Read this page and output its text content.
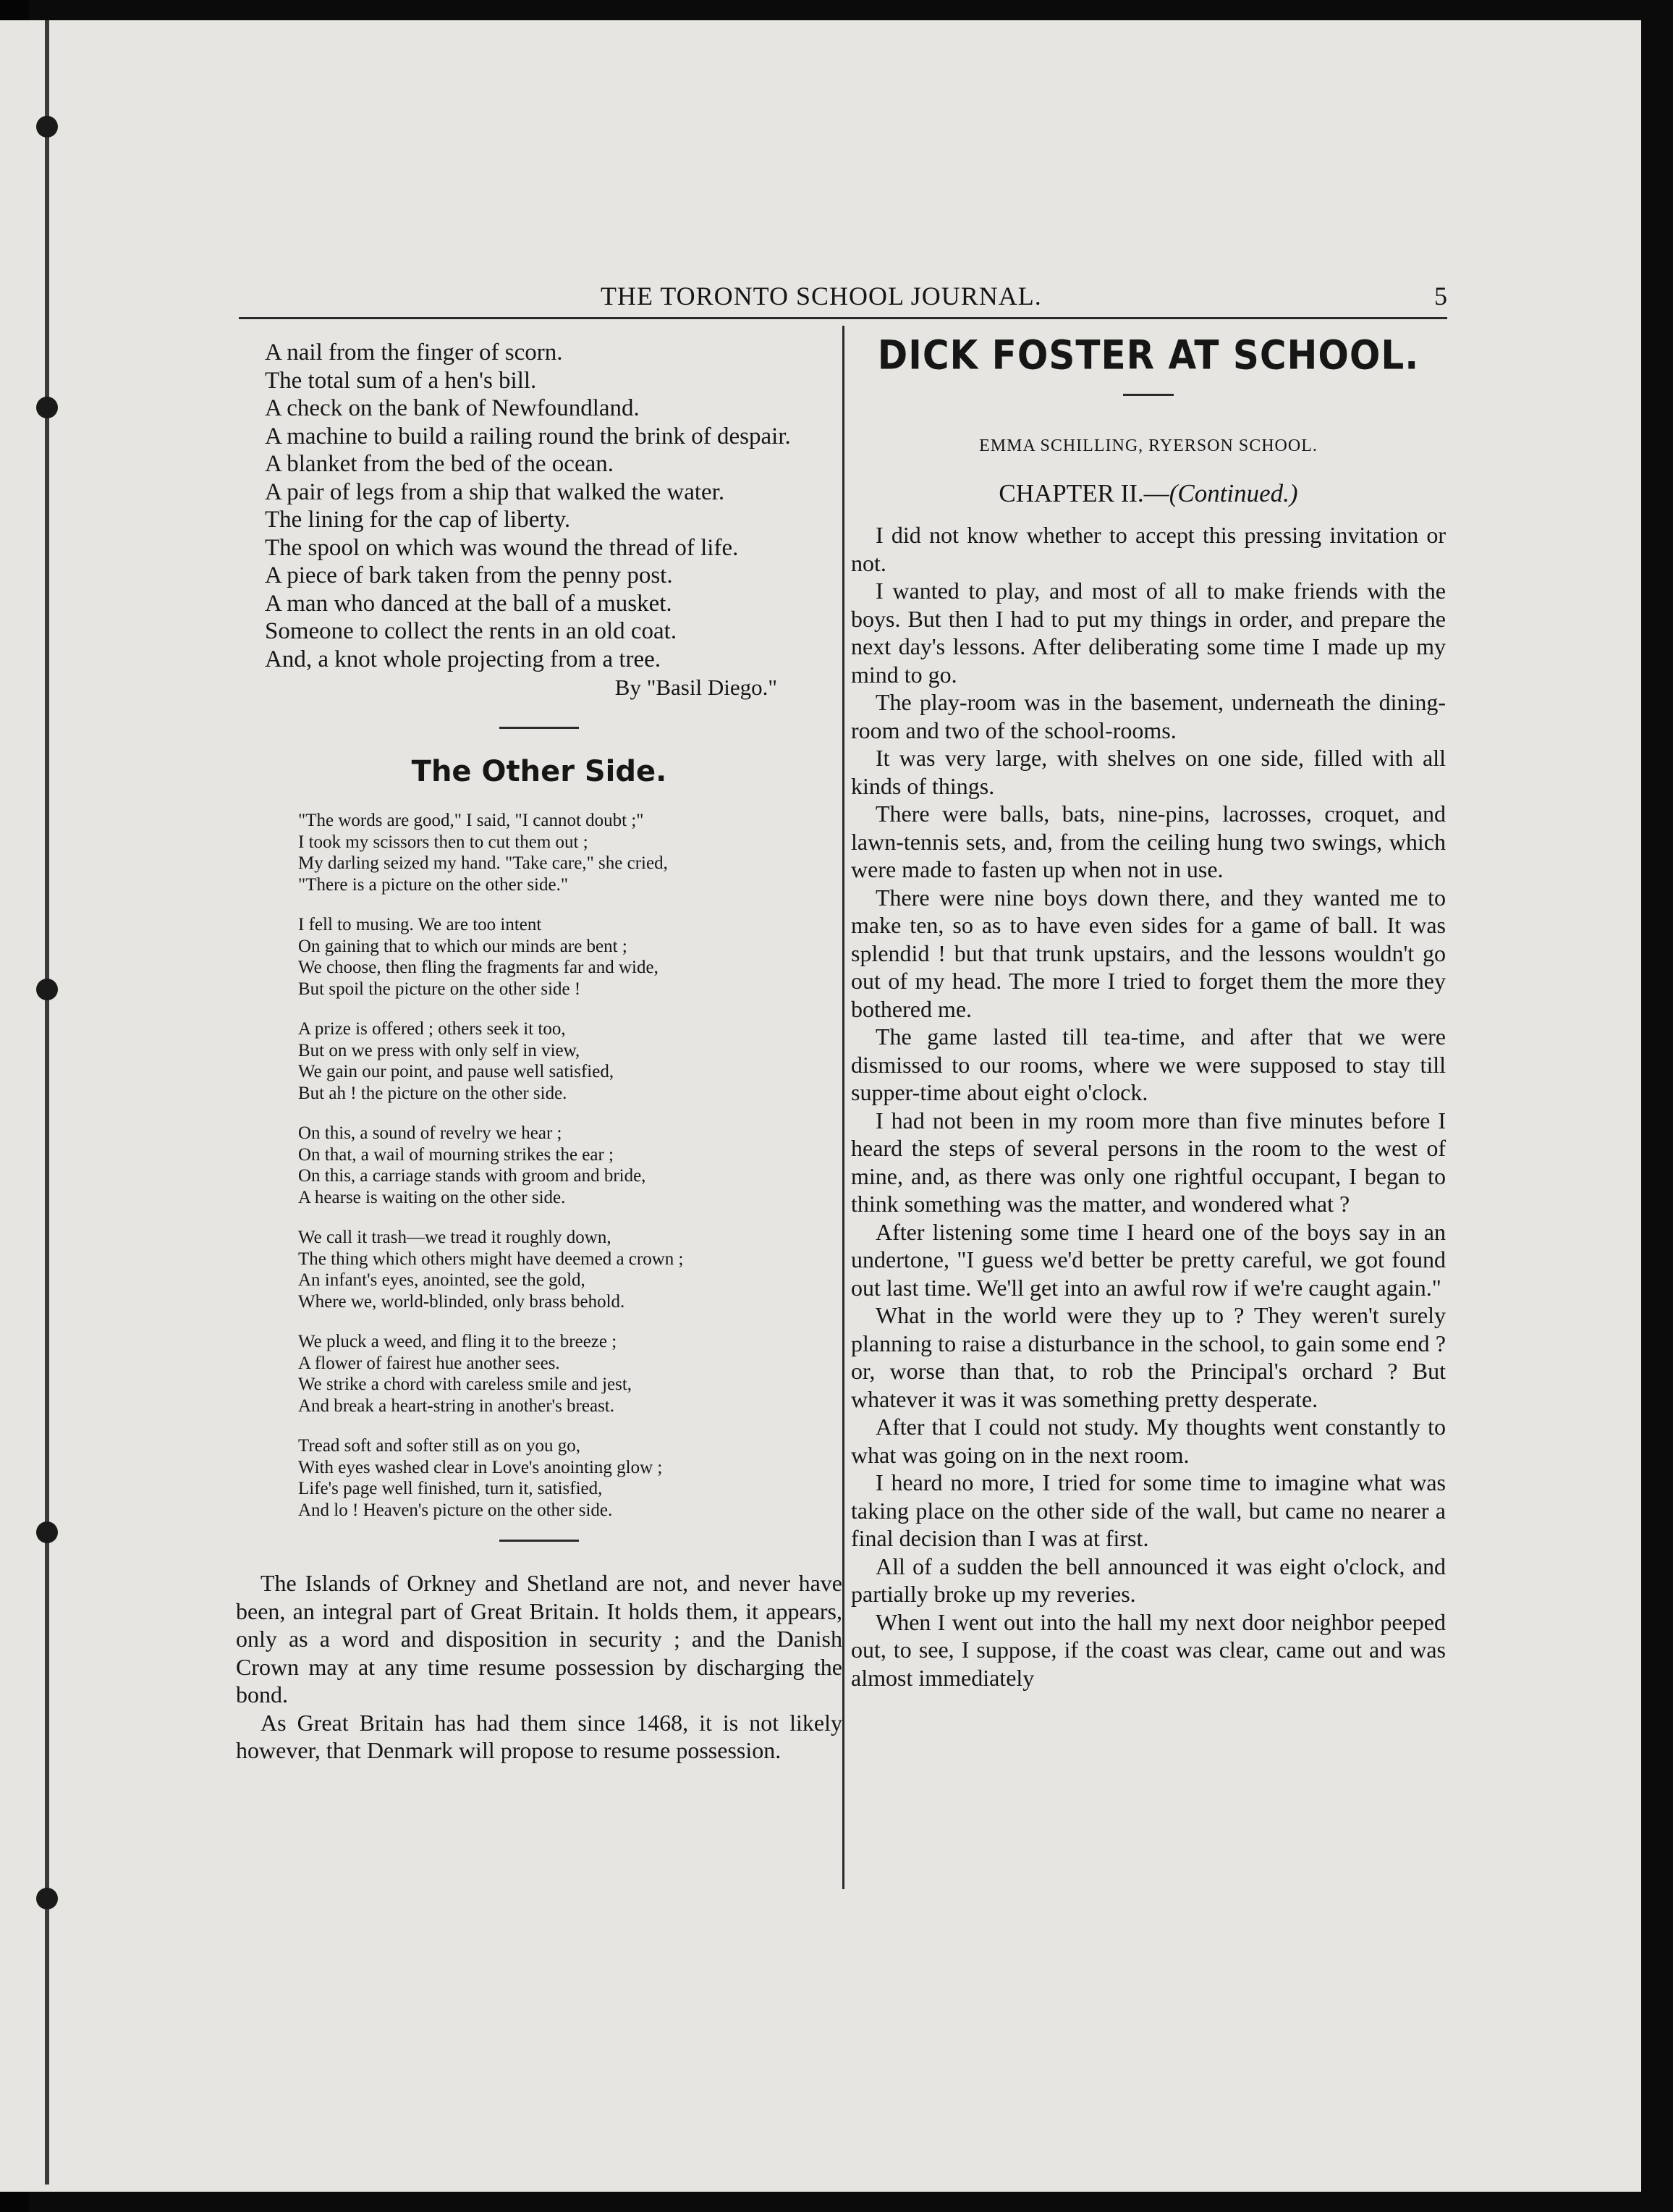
THE TORONTO SCHOOL JOURNAL.	5

A nail from the finger of scorn.

The total sum of a hen's bill.

A check on the bank of Newfoundland.

A machine to build a railing round the brink of despair.

A blanket from the bed of the ocean.

A pair of legs from a ship that walked the water.

The lining for the cap of liberty.

The spool on which was wound the thread of life.

A piece of bark taken from the penny post.

A man who danced at the ball of a musket.

Someone to collect the rents in an old coat.

And, a knot whole projecting from a tree.

By "Basil Diego."
The Other Side.

"The words are good," I said, "I cannot doubt ;"

I took my scissors then to cut them out ;

My darling seized my hand. "Take care," she cried,

"There is a picture on the other side."

I fell to musing. We are too intent

On gaining that to which our minds are bent ;

We choose, then fling the fragments far and wide,

But spoil the picture on the other side !

A prize is offered ; others seek it too,

But on we press with only self in view,

We gain our point, and pause well satisfied,

But ah ! the picture on the other side.

On this, a sound of revelry we hear ;

On that, a wail of mourning strikes the ear ;

On this, a carriage stands with groom and bride,

A hearse is waiting on the other side.

We call it trash—we tread it roughly down,

The thing which others might have deemed a crown ;

An infant's eyes, anointed, see the gold,

Where we, world-blinded, only brass behold.

We pluck a weed, and fling it to the breeze ;

A flower of fairest hue another sees.

We strike a chord with careless smile and jest,

And break a heart-string in another's breast.

Tread soft and softer still as on you go,

With eyes washed clear in Love's anointing glow ;

Life's page well finished, turn it, satisfied,

And lo ! Heaven's picture on the other side.

The Islands of Orkney and Shetland are not, and never have been, an integral part of Great Britain. It holds them, it appears, only as a word and disposition in security ; and the Danish Crown may at any time resume possession by discharging the bond.

As Great Britain has had them since 1468, it is not likely however, that Denmark will propose to resume possession.

DICK FOSTER AT SCHOOL.
EMMA SCHILLING, RYERSON SCHOOL.
CHAPTER II.—(Continued.)

I did not know whether to accept this pressing invitation or not.

I wanted to play, and most of all to make friends with the boys. But then I had to put my things in order, and prepare the next day's lessons. After deliberating some time I made up my mind to go.

The play-room was in the basement, underneath the dining-room and two of the school-rooms.

It was very large, with shelves on one side, filled with all kinds of things.

There were balls, bats, nine-pins, lacrosses, croquet, and lawn-tennis sets, and, from the ceiling hung two swings, which were made to fasten up when not in use.

There were nine boys down there, and they wanted me to make ten, so as to have even sides for a game of ball. It was splendid ! but that trunk upstairs, and the lessons wouldn't go out of my head. The more I tried to forget them the more they bothered me.

The game lasted till tea-time, and after that we were dismissed to our rooms, where we were supposed to stay till supper-time about eight o'clock.

I had not been in my room more than five minutes before I heard the steps of several persons in the room to the west of mine, and, as there was only one rightful occupant, I began to think something was the matter, and wondered what ?

After listening some time I heard one of the boys say in an undertone, "I guess we'd better be pretty careful, we got found out last time. We'll get into an awful row if we're caught again."

What in the world were they up to ? They weren't surely planning to raise a disturbance in the school, to gain some end ? or, worse than that, to rob the Principal's orchard ? But whatever it was it was something pretty desperate.

After that I could not study. My thoughts went constantly to what was going on in the next room.

I heard no more, I tried for some time to imagine what was taking place on the other side of the wall, but came no nearer a final decision than I was at first.

All of a sudden the bell announced it was eight o'clock, and partially broke up my reveries.

When I went out into the hall my next door neighbor peeped out, to see, I suppose, if the coast was clear, came out and was almost immediately
